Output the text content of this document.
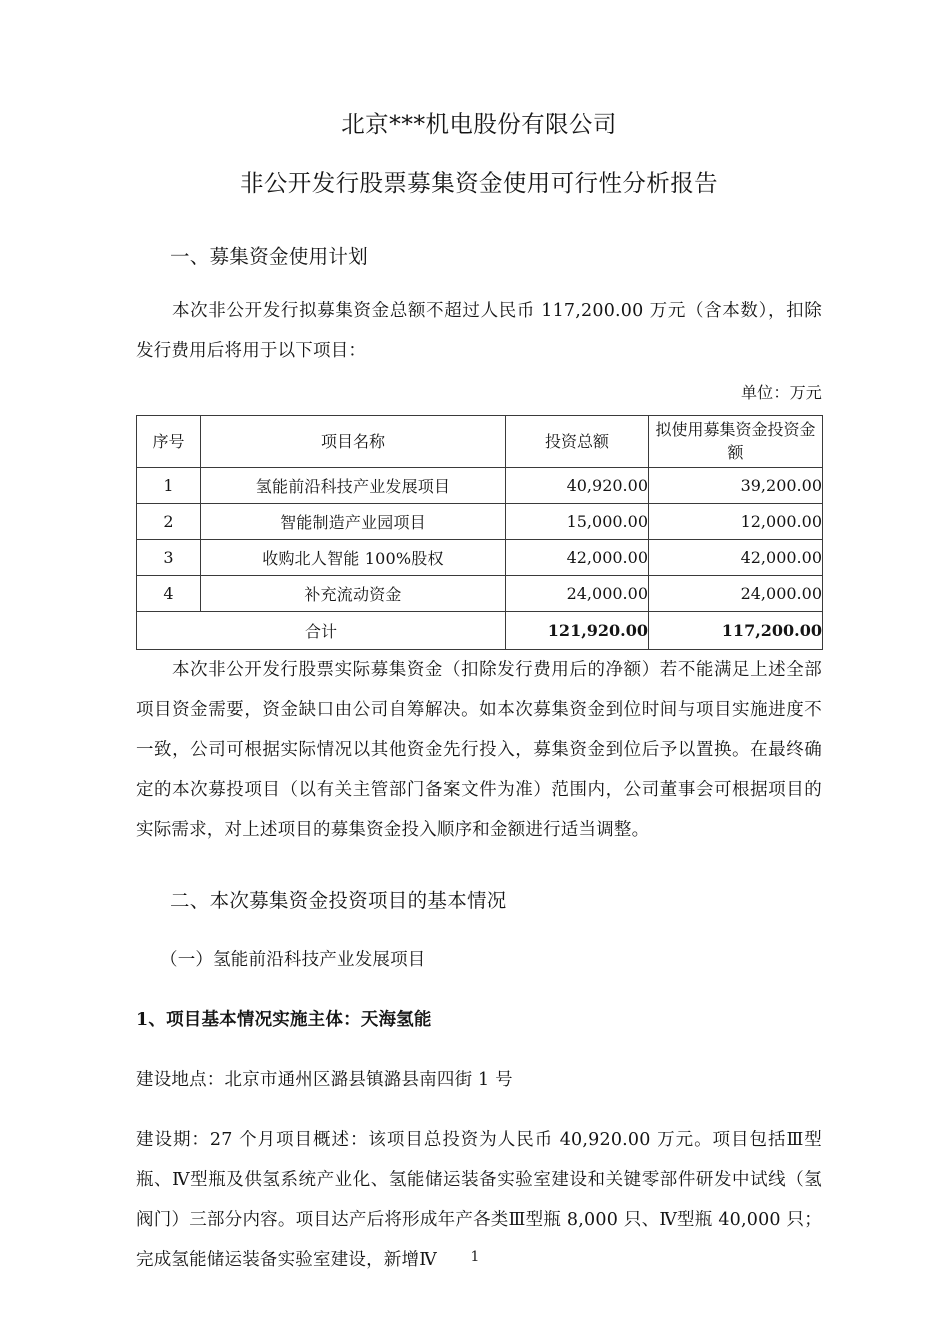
北京***机电股份有限公司
非公开发行股票募集资金使用可行性分析报告
一、募集资金使用计划

本次非公开发行拟募集资金总额不超过人民币 117,200.00 万元（含本数），扣除发行费用后将用于以下项目：

单位：万元

序号	项目名称	投资总额	拟使用募集资金投资金额
1	氢能前沿科技产业发展项目	40,920.00	39,200.00
2	智能制造产业园项目	15,000.00	12,000.00
3	收购北人智能 100%股权	42,000.00	42,000.00
4	补充流动资金	24,000.00	24,000.00
合计		121,920.00	117,200.00

本次非公开发行股票实际募集资金（扣除发行费用后的净额）若不能满足上述全部项目资金需要，资金缺口由公司自筹解决。如本次募集资金到位时间与项目实施进度不一致，公司可根据实际情况以其他资金先行投入，募集资金到位后予以置换。在最终确定的本次募投项目（以有关主管部门备案文件为准）范围内，公司董事会可根据项目的实际需求，对上述项目的募集资金投入顺序和金额进行适当调整。

二、本次募集资金投资项目的基本情况

（一）氢能前沿科技产业发展项目

1、项目基本情况实施主体：天海氢能

建设地点：北京市通州区潞县镇潞县南四街 1 号

建设期：27 个月项目概述：该项目总投资为人民币 40,920.00 万元。项目包括Ⅲ型瓶、Ⅳ型瓶及供氢系统产业化、氢能储运装备实验室建设和关键零部件研发中试线（氢阀门）三部分内容。项目达产后将形成年产各类Ⅲ型瓶 8,000 只、Ⅳ型瓶 40,000 只；完成氢能储运装备实验室建设，新增Ⅳ	1
